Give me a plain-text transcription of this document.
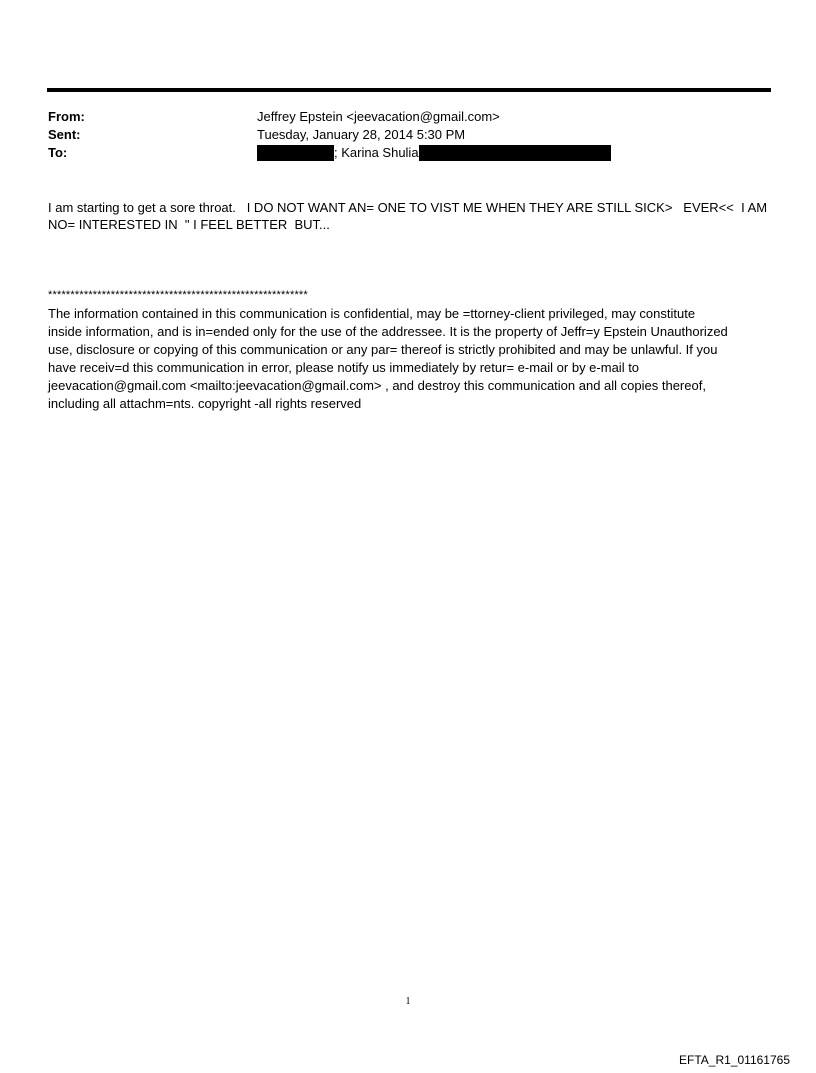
From:	Jeffrey Epstein <jeevacation@gmail.com>
Sent:	Tuesday, January 28, 2014 5:30 PM
To:	; Karina Shulia
I am starting to get a sore throat.   I DO NOT WANT AN= ONE TO VIST ME WHEN THEY ARE STILL SICK>   EVER<<  I AM
NO= INTERESTED IN  " I FEEL BETTER  BUT...
**********************************************************
The information contained in this communication is confidential, may be =ttorney-client privileged, may constitute
inside information, and is in=ended only for the use of the addressee. It is the property of Jeffr=y Epstein Unauthorized
use, disclosure or copying of this communication or any par= thereof is strictly prohibited and may be unlawful. If you
have receiv=d this communication in error, please notify us immediately by retur= e-mail or by e-mail to
jeevacation@gmail.com <mailto:jeevacation@gmail.com> , and destroy this communication and all copies thereof,
including all attachm=nts. copyright -all rights reserved
1
EFTA_R1_01161765
